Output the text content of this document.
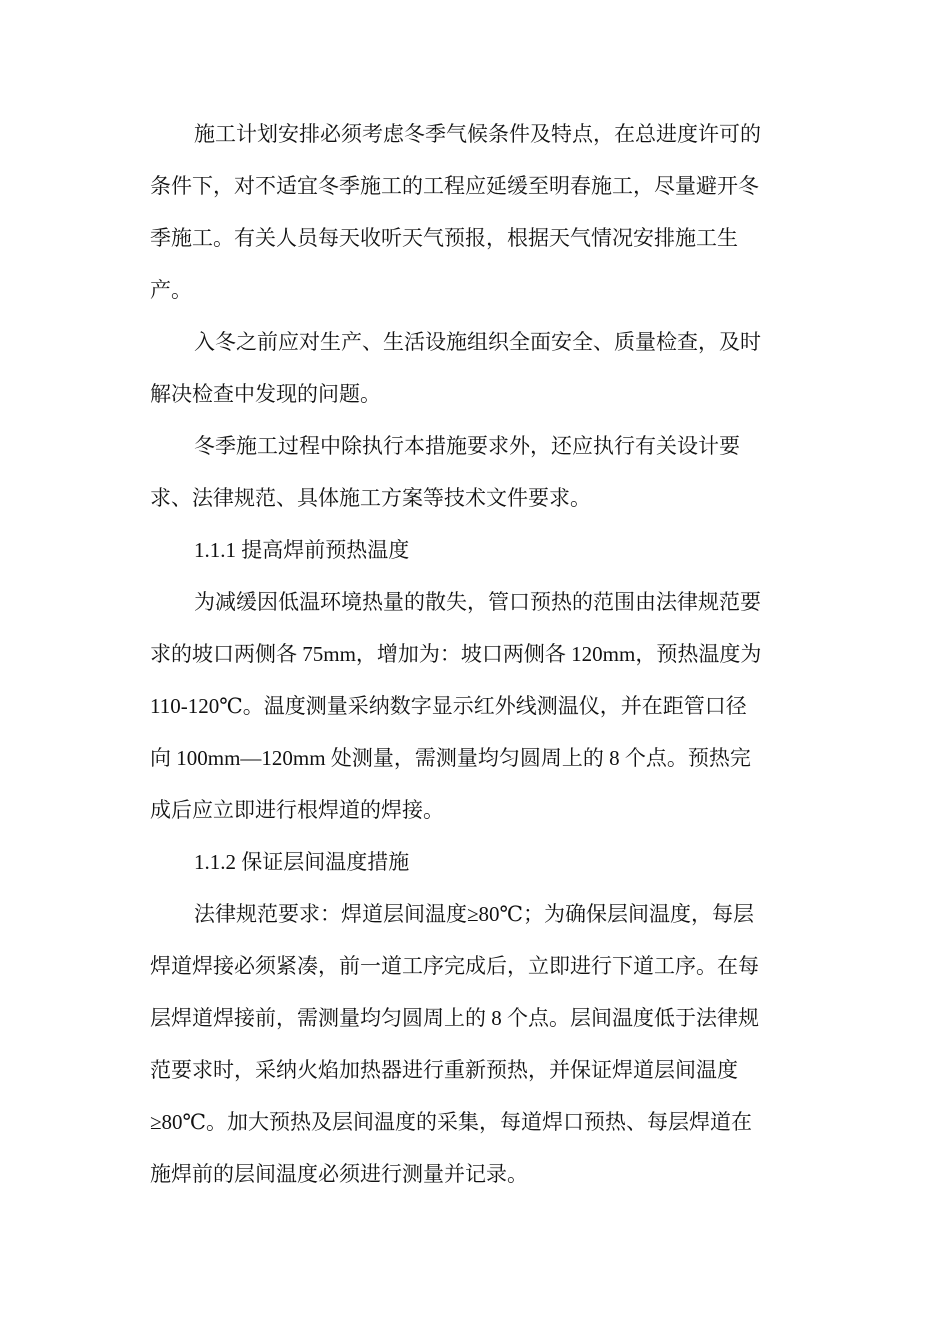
施工计划安排必须考虑冬季气候条件及特点，在总进度许可的
条件下，对不适宜冬季施工的工程应延缓至明春施工，尽量避开冬
季施工。有关人员每天收听天气预报，根据天气情况安排施工生
产。
入冬之前应对生产、生活设施组织全面安全、质量检查，及时
解决检查中发现的问题。
冬季施工过程中除执行本措施要求外，还应执行有关设计要
求、法律规范、具体施工方案等技术文件要求。
1.1.1 提高焊前预热温度
为减缓因低温环境热量的散失，管口预热的范围由法律规范要
求的坡口两侧各 75mm，增加为：坡口两侧各 120mm，预热温度为
110-120℃。温度测量采纳数字显示红外线测温仪，并在距管口径
向 100mm—120mm 处测量，需测量均匀圆周上的 8 个点。预热完
成后应立即进行根焊道的焊接。
1.1.2 保证层间温度措施
法律规范要求：焊道层间温度≥80℃；为确保层间温度，每层
焊道焊接必须紧凑，前一道工序完成后，立即进行下道工序。在每
层焊道焊接前，需测量均匀圆周上的 8 个点。层间温度低于法律规
范要求时，采纳火焰加热器进行重新预热，并保证焊道层间温度
≥80℃。加大预热及层间温度的采集，每道焊口预热、每层焊道在
施焊前的层间温度必须进行测量并记录。
